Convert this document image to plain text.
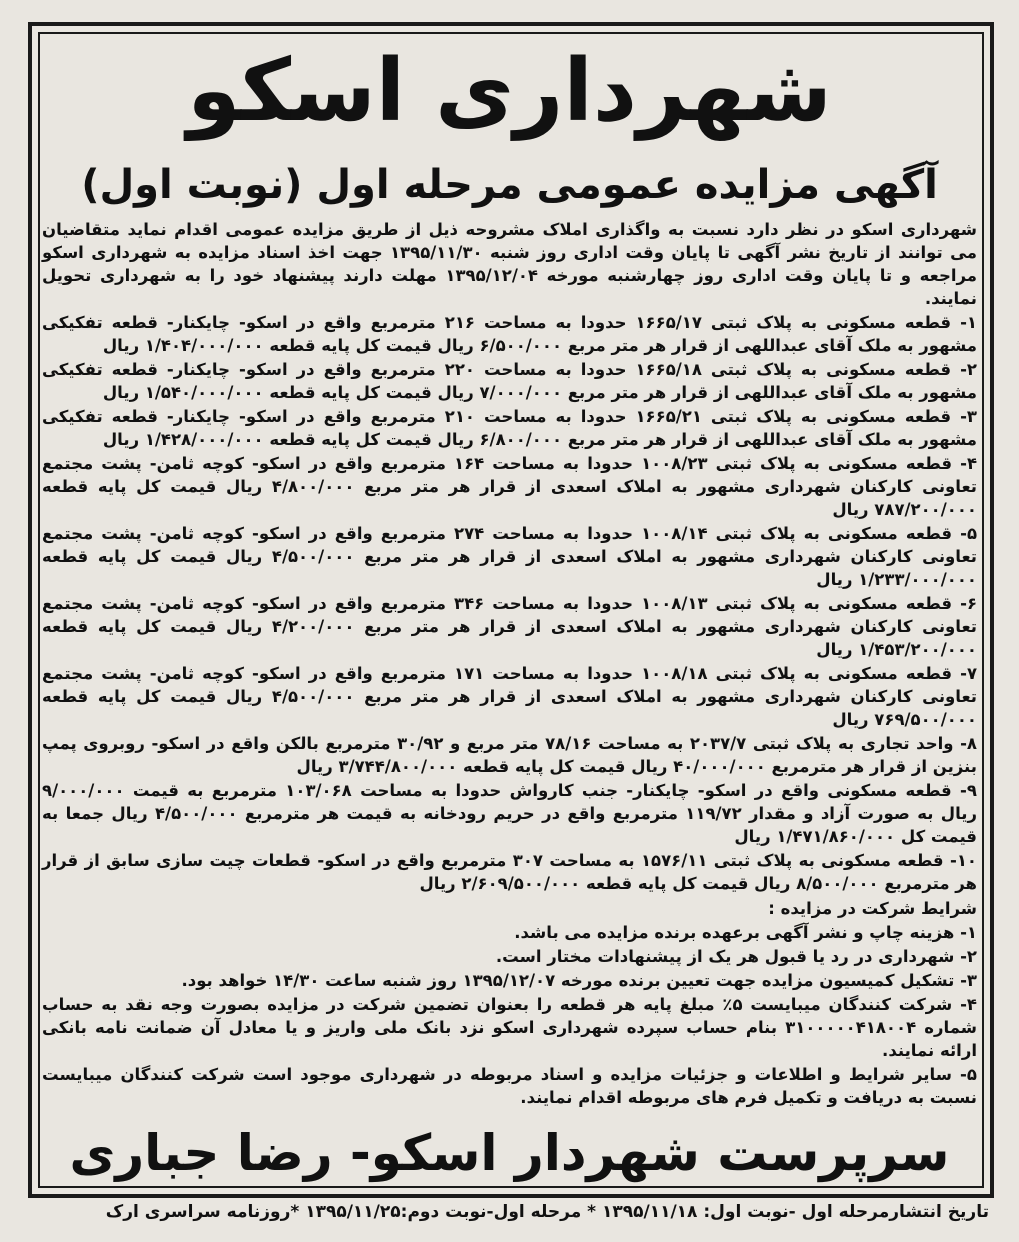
شهرداری اسکو
آگهی مزایده عمومی مرحله اول (نوبت اول)

شهرداری اسکو در نظر دارد نسبت به واگذاری املاک مشروحه ذیل از طریق مزایده عمومی اقدام نماید متقاضیان می توانند از تاریخ نشر آگهی تا پایان وقت اداری روز شنبه ۱۳۹۵/۱۱/۳۰ جهت اخذ اسناد مزایده به شهرداری اسکو مراجعه و تا پایان وقت اداری روز چهارشنبه مورخه ۱۳۹۵/۱۲/۰۴ مهلت دارند پیشنهاد خود را به شهرداری تحویل نمایند.

۱- قطعه مسکونی به پلاک ثبتی ۱۶۶۵/۱۷ حدودا به مساحت ۲۱۶ مترمربع واقع در اسکو- چایکنار- قطعه تفکیکی مشهور به ملک آقای عبداللهی از قرار هر متر مربع ۶/۵۰۰/۰۰۰ ریال قیمت کل پایه قطعه ۱/۴۰۴/۰۰۰/۰۰۰ ریال

۲- قطعه مسکونی به پلاک ثبتی ۱۶۶۵/۱۸ حدودا به مساحت ۲۲۰ مترمربع واقع در اسکو- چایکنار- قطعه تفکیکی مشهور به ملک آقای عبداللهی از قرار هر متر مربع ۷/۰۰۰/۰۰۰ ریال قیمت کل پایه قطعه ۱/۵۴۰/۰۰۰/۰۰۰ ریال

۳- قطعه مسکونی به پلاک ثبتی ۱۶۶۵/۲۱ حدودا به مساحت ۲۱۰ مترمربع واقع در اسکو- چایکنار- قطعه تفکیکی مشهور به ملک آقای عبداللهی از قرار هر متر مربع ۶/۸۰۰/۰۰۰ ریال قیمت کل پایه قطعه ۱/۴۲۸/۰۰۰/۰۰۰ ریال

۴- قطعه مسکونی به پلاک ثبتی ۱۰۰۸/۲۳ حدودا به مساحت ۱۶۴ مترمربع واقع در اسکو- کوچه ثامن- پشت مجتمع تعاونی کارکنان شهرداری مشهور به املاک اسعدی از قرار هر متر مربع ۴/۸۰۰/۰۰۰ ریال قیمت کل پایه قطعه ۷۸۷/۲۰۰/۰۰۰ ریال

۵- قطعه مسکونی به پلاک ثبتی ۱۰۰۸/۱۴ حدودا به مساحت ۲۷۴ مترمربع واقع در اسکو- کوچه ثامن- پشت مجتمع تعاونی کارکنان شهرداری مشهور به املاک اسعدی از قرار هر متر مربع ۴/۵۰۰/۰۰۰ ریال قیمت کل پایه قطعه ۱/۲۳۳/۰۰۰/۰۰۰ ریال

۶- قطعه مسکونی به پلاک ثبتی ۱۰۰۸/۱۳ حدودا به مساحت ۳۴۶ مترمربع واقع در اسکو- کوچه ثامن- پشت مجتمع تعاونی کارکنان شهرداری مشهور به املاک اسعدی از قرار هر متر مربع ۴/۲۰۰/۰۰۰ ریال قیمت کل پایه قطعه ۱/۴۵۳/۲۰۰/۰۰۰ ریال

۷- قطعه مسکونی به پلاک ثبتی ۱۰۰۸/۱۸ حدودا به مساحت ۱۷۱ مترمربع واقع در اسکو- کوچه ثامن- پشت مجتمع تعاونی کارکنان شهرداری مشهور به املاک اسعدی از قرار هر متر مربع ۴/۵۰۰/۰۰۰ ریال قیمت کل پایه قطعه ۷۶۹/۵۰۰/۰۰۰ ریال

۸- واحد تجاری به پلاک ثبتی ۲۰۳۷/۷ به مساحت ۷۸/۱۶ متر مربع و ۳۰/۹۲ مترمربع بالکن واقع در اسکو- روبروی پمپ بنزین از قرار هر مترمربع ۴۰/۰۰۰/۰۰۰ ریال قیمت کل پایه قطعه ۳/۷۴۴/۸۰۰/۰۰۰ ریال

۹- قطعه مسکونی واقع در اسکو- چایکنار- جنب کارواش حدودا به مساحت ۱۰۳/۰۶۸ مترمربع به قیمت ۹/۰۰۰/۰۰۰ ریال به صورت آزاد و مقدار ۱۱۹/۷۲ مترمربع واقع در حریم رودخانه به قیمت هر مترمربع ۴/۵۰۰/۰۰۰ ریال جمعا به قیمت کل ۱/۴۷۱/۸۶۰/۰۰۰ ریال

۱۰- قطعه مسکونی به پلاک ثبتی ۱۵۷۶/۱۱ به مساحت ۳۰۷ مترمربع واقع در اسکو- قطعات چیت سازی سابق از قرار هر مترمربع ۸/۵۰۰/۰۰۰ ریال قیمت کل پایه قطعه ۲/۶۰۹/۵۰۰/۰۰۰ ریال

شرایط شرکت در مزایده :

۱- هزینه چاپ و نشر آگهی برعهده برنده مزایده می باشد.

۲- شهرداری در رد یا قبول هر یک از پیشنهادات مختار است.

۳- تشکیل کمیسیون مزایده جهت تعیین برنده مورخه ۱۳۹۵/۱۲/۰۷ روز شنبه ساعت ۱۴/۳۰ خواهد بود.

۴- شرکت کنندگان میبایست ۵٪ مبلغ پایه هر قطعه را بعنوان تضمین شرکت در مزایده بصورت وجه نقد به حساب شماره ۳۱۰۰۰۰۰۴۱۸۰۰۴ بنام حساب سپرده شهرداری اسکو نزد بانک ملی واریز و یا معادل آن ضمانت نامه بانکی ارائه نمایند.

۵- سایر شرایط و اطلاعات و جزئیات مزایده و اسناد مربوطه در شهرداری موجود است شرکت کنندگان میبایست نسبت به دریافت و تکمیل فرم های مربوطه اقدام نمایند.

سرپرست شهردار اسکو- رضا جباری
تاریخ انتشارمرحله اول -نوبت اول: ۱۳۹۵/۱۱/۱۸ * مرحله اول-نوبت دوم:۱۳۹۵/۱۱/۲۵ *روزنامه سراسری ارک
